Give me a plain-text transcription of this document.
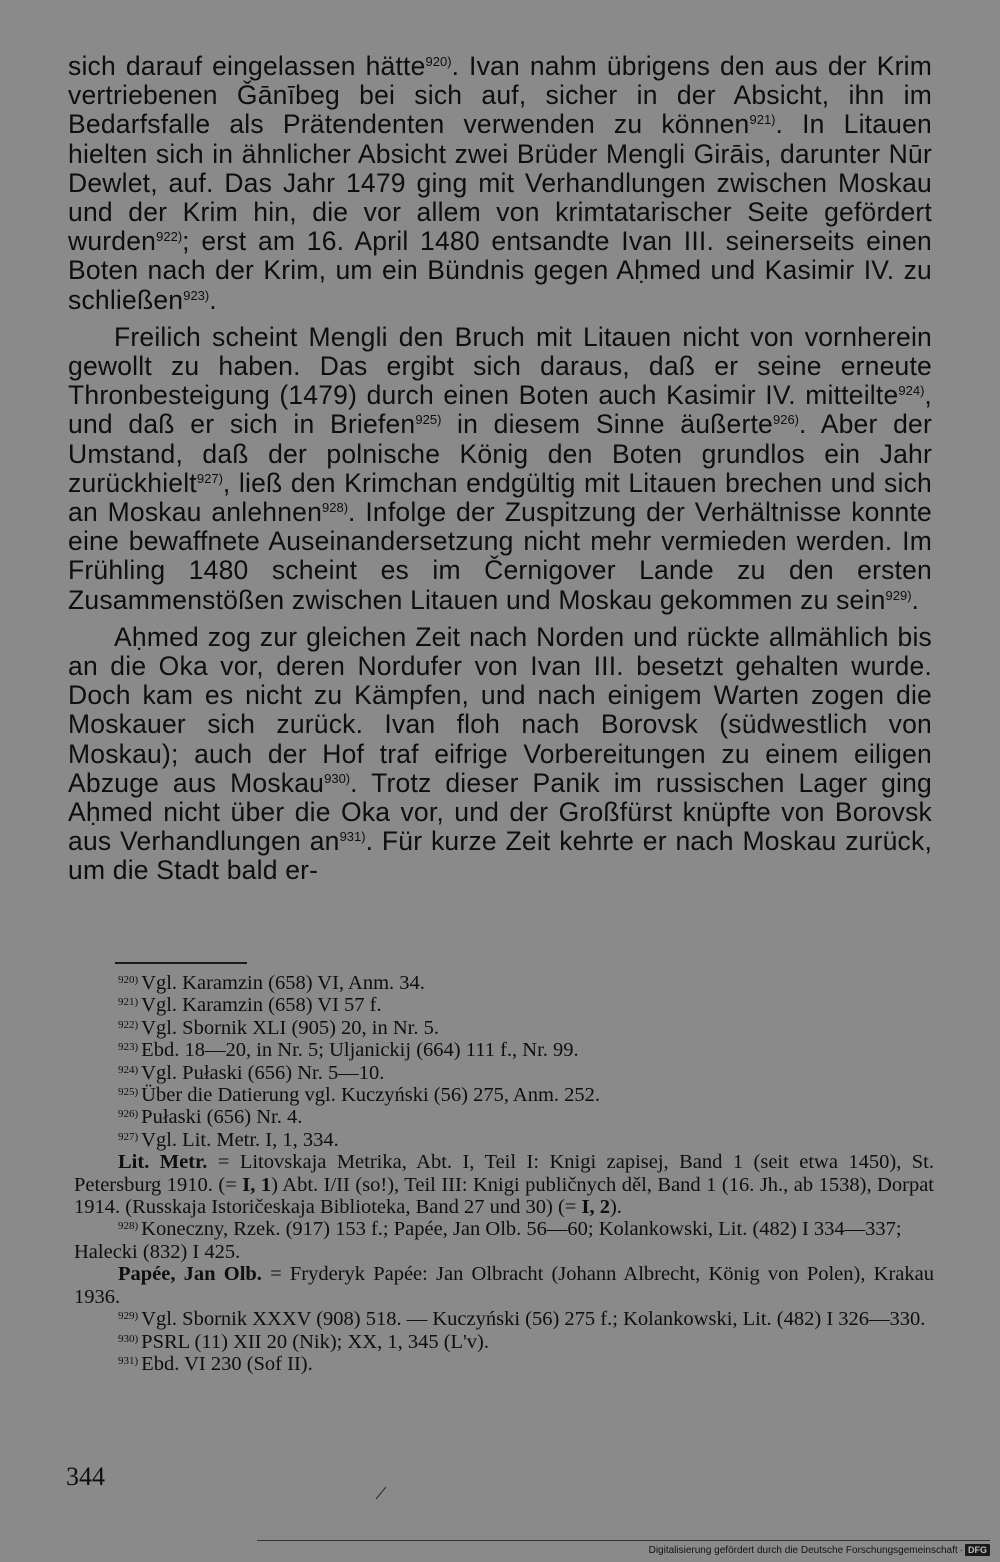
sich darauf eingelassen hätte$^{920)}$. Ivan nahm übrigens den aus der Krim vertriebenen Ǧānībeg bei sich auf, sicher in der Absicht, ihn im Bedarfsfalle als Prätendenten verwenden zu können$^{921)}$. In Litauen hielten sich in ähnlicher Absicht zwei Brüder Mengli Girāis, darunter Nūr Dewlet, auf. Das Jahr 1479 ging mit Verhandlungen zwischen Moskau und der Krim hin, die vor allem von krimtatarischer Seite gefördert wurden$^{922)}$; erst am 16. April 1480 entsandte Ivan III. seinerseits einen Boten nach der Krim, um ein Bündnis gegen Aḥmed und Kasimir IV. zu schließen$^{923)}$.

Freilich scheint Mengli den Bruch mit Litauen nicht von vornherein gewollt zu haben. Das ergibt sich daraus, daß er seine erneute Thronbesteigung (1479) durch einen Boten auch Kasimir IV. mitteilte$^{924)}$, und daß er sich in Briefen$^{925)}$ in diesem Sinne äußerte$^{926)}$. Aber der Umstand, daß der polnische König den Boten grundlos ein Jahr zurückhielt$^{927)}$, ließ den Krimchan endgültig mit Litauen brechen und sich an Moskau anlehnen$^{928)}$. Infolge der Zuspitzung der Verhältnisse konnte eine bewaffnete Auseinandersetzung nicht mehr vermieden werden. Im Frühling 1480 scheint es im Černigover Lande zu den ersten Zusammenstößen zwischen Litauen und Moskau gekommen zu sein$^{929)}$.

Aḥmed zog zur gleichen Zeit nach Norden und rückte allmählich bis an die Oka vor, deren Nordufer von Ivan III. besetzt gehalten wurde. Doch kam es nicht zu Kämpfen, und nach einigem Warten zogen die Moskauer sich zurück. Ivan floh nach Borovsk (südwestlich von Moskau); auch der Hof traf eifrige Vorbereitungen zu einem eiligen Abzuge aus Moskau$^{930)}$. Trotz dieser Panik im russischen Lager ging Aḥmed nicht über die Oka vor, und der Großfürst knüpfte von Borovsk aus Verhandlungen $an^{931)}$. Für kurze Zeit kehrte er nach Moskau zurück, um die Stadt bald er-

$^{920)}$ Vgl. Karamzin (658) VI, Anm. 34.
$^{921)}$ Vgl. Karamzin (658) VI 57 f.
$^{922)}$ Vgl. Sbornik XLI (905) 20, in Nr. 5.
$^{923)}$ Ebd. 18—20, in Nr. 5; Uljanickij (664) 111 f., Nr. 99.
$^{924)}$ Vgl. Pułaski (656) Nr. 5—10.
$^{925)}$ Über die Datierung vgl. Kuczyński (56) 275, Anm. 252.
$^{926)}$ Pułaski (656) Nr. 4.
$^{927)}$ Vgl. Lit. Metr. I, 1, 334.
Lit. Metr. = Litovskaja Metrika, Abt. I, Teil I: Knigi zapisej, Band 1 (seit etwa 1450), St. Petersburg 1910. (= I, 1) Abt. I/II (so!), Teil III: Knigi publičnych děl, Band 1 (16. Jh., ab 1538), Dorpat 1914. (Russkaja Istoričeskaja Biblioteka, Band 27 und 30) (= I, 2).
$^{928)}$ Koneczny, Rzek. (917) 153 f.; Papée, Jan Olb. 56—60; Kolankowski, Lit. (482) I 334—337; Halecki (832) I 425.
Papée, Jan Olb. = Fryderyk Papée: Jan Olbracht (Johann Albrecht, König von Polen), Krakau 1936.
$^{929)}$ Vgl. Sbornik XXXV (908) 518. — Kuczyński (56) 275 f.; Kolankowski, Lit. (482) I 326—330.
$^{930)}$ PSRL (11) XII 20 (Nik); XX, 1, 345 (L'v).
$^{931)}$ Ebd. VI 230 (Sof II).
344
Digitalisierung gefördert durch die Deutsche Forschungsgemeinschaft · DFG
